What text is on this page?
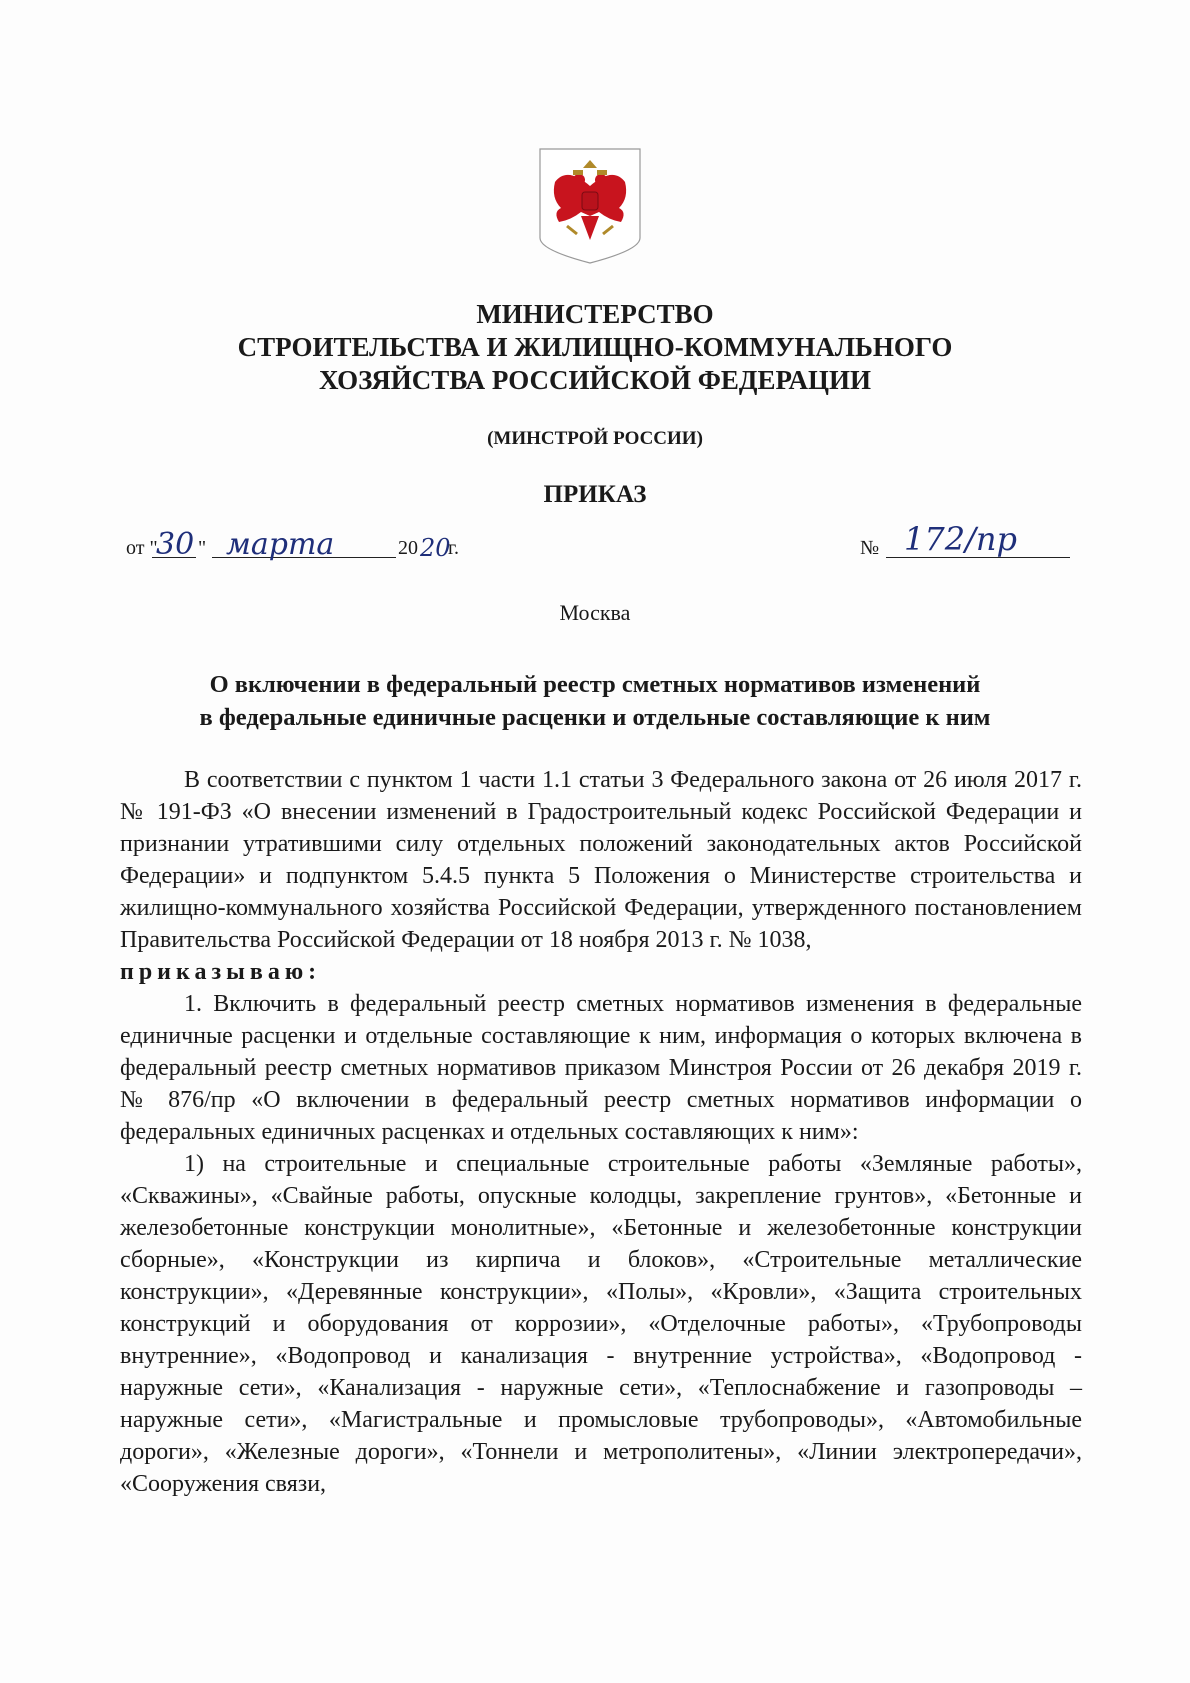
МИНИСТЕРСТВО
СТРОИТЕЛЬСТВА И ЖИЛИЩНО-КОММУНАЛЬНОГО
ХОЗЯЙСТВА РОССИЙСКОЙ ФЕДЕРАЦИИ
(МИНСТРОЙ РОССИИ)
ПРИКАЗ
от "
30 " марта	20 20
г.	№ 172/пр
Москва
О включении в федеральный реестр сметных нормативов изменений
в федеральные единичные расценки и отдельные составляющие к ним

В соответствии с пунктом 1 части 1.1 статьи 3 Федерального закона от 26 июля 2017 г. № 191-ФЗ «О внесении изменений в Градостроительный кодекс Российской Федерации и признании утратившими силу отдельных положений законодательных актов Российской Федерации» и подпунктом 5.4.5 пункта 5 Положения о Министерстве строительства и жилищно-коммунального хозяйства Российской Федерации, утвержденного постановлением Правительства Российской Федерации от 18 ноября 2013 г. № 1038,

приказываю:

1. Включить в федеральный реестр сметных нормативов изменения в федеральные единичные расценки и отдельные составляющие к ним, информация о которых включена в федеральный реестр сметных нормативов приказом Минстроя России от 26 декабря 2019 г. № 876/пр «О включении в федеральный реестр сметных нормативов информации о федеральных единичных расценках и отдельных составляющих к ним»:

1) на строительные и специальные строительные работы «Земляные работы», «Скважины», «Свайные работы, опускные колодцы, закрепление грунтов», «Бетонные и железобетонные конструкции монолитные», «Бетонные и железобетонные конструкции сборные», «Конструкции из кирпича и блоков», «Строительные металлические конструкции», «Деревянные конструкции», «Полы», «Кровли», «Защита строительных конструкций и оборудования от коррозии», «Отделочные работы», «Трубопроводы внутренние», «Водопровод и канализация - внутренние устройства», «Водопровод - наружные сети», «Канализация - наружные сети», «Теплоснабжение и газопроводы – наружные сети», «Магистральные и промысловые трубопроводы», «Автомобильные дороги», «Железные дороги», «Тоннели и метрополитены», «Линии электропередачи», «Сооружения связи,
